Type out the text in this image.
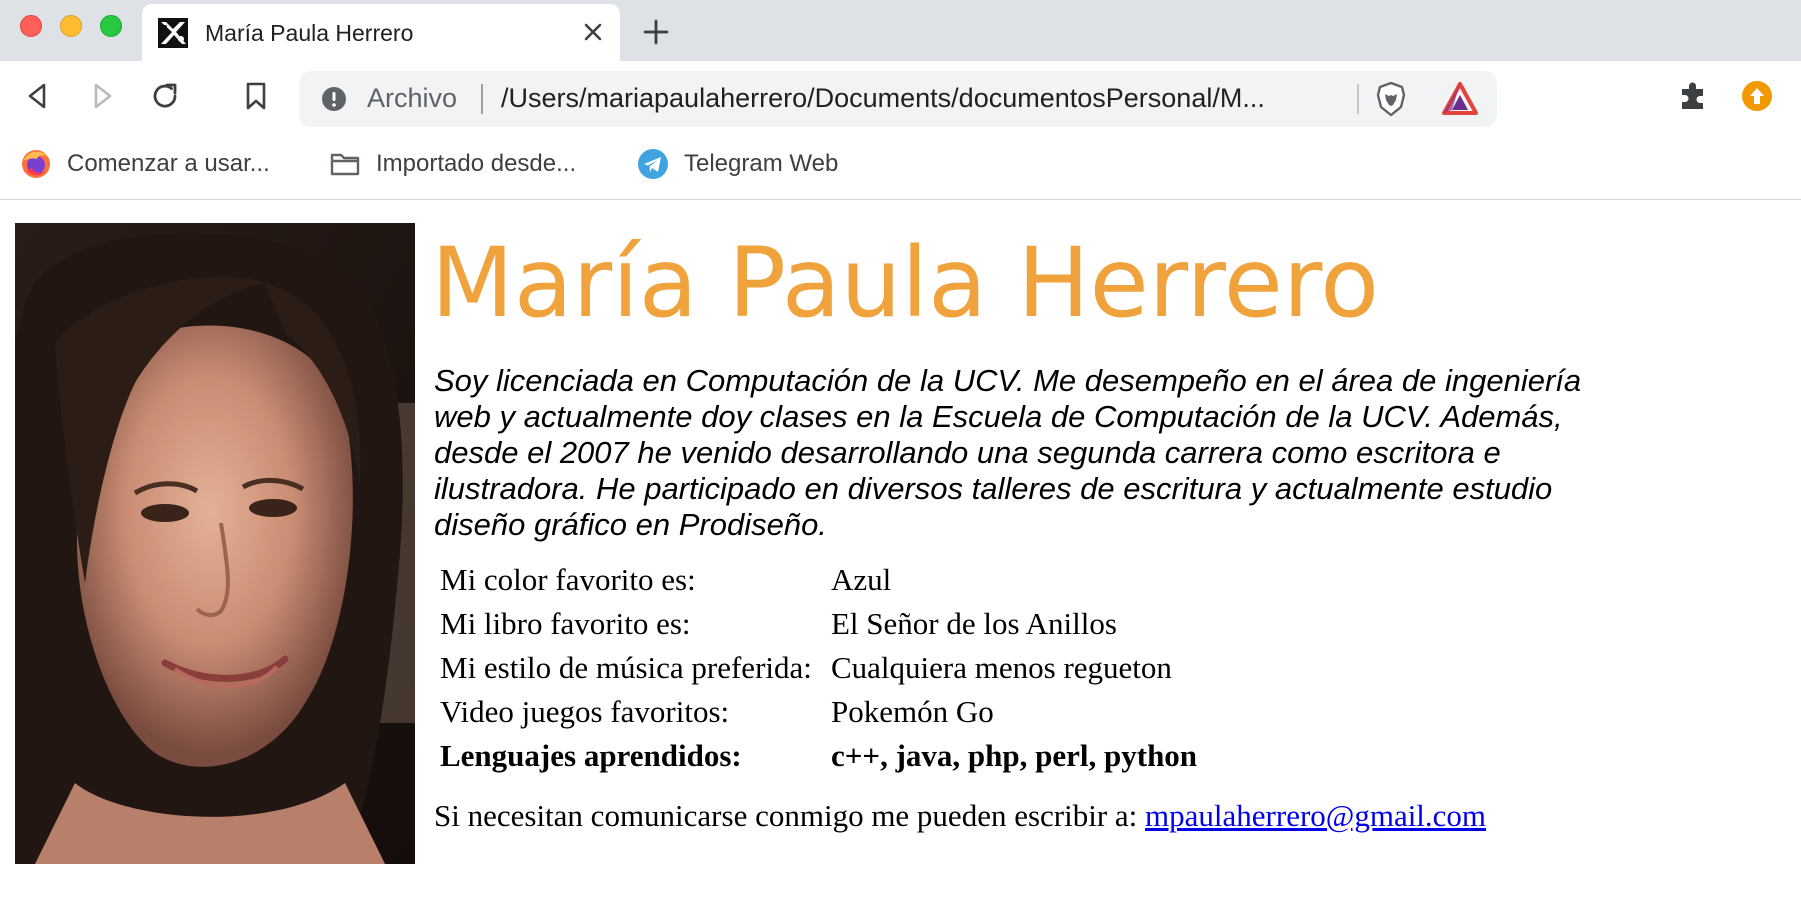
María Paula Herrero
Archivo /Users/mariapaulaherrero/Documents/documentosPersonal/M...
Comenzar a usar...	Importado desde...	Telegram Web
María Paula Herrero

Soy licenciada en Computación de la UCV. Me desempeño en el área de ingeniería web y actualmente doy clases en la Escuela de Computación de la UCV. Además, desde el 2007 he venido desarrollando una segunda carrera como escritora e ilustradora. He participado en diversos talleres de escritura y actualmente estudio diseño gráfico en Prodiseño.

Mi color favorito es:	Azul
Mi libro favorito es:	El Señor de los Anillos
Mi estilo de música preferida:	Cualquiera menos regueton
Video juegos favoritos:	Pokemón Go
Lenguajes aprendidos:	c++, java, php, perl, python
Si necesitan comunicarse conmigo me pueden escribir a: mpaulaherrero@gmail.com
